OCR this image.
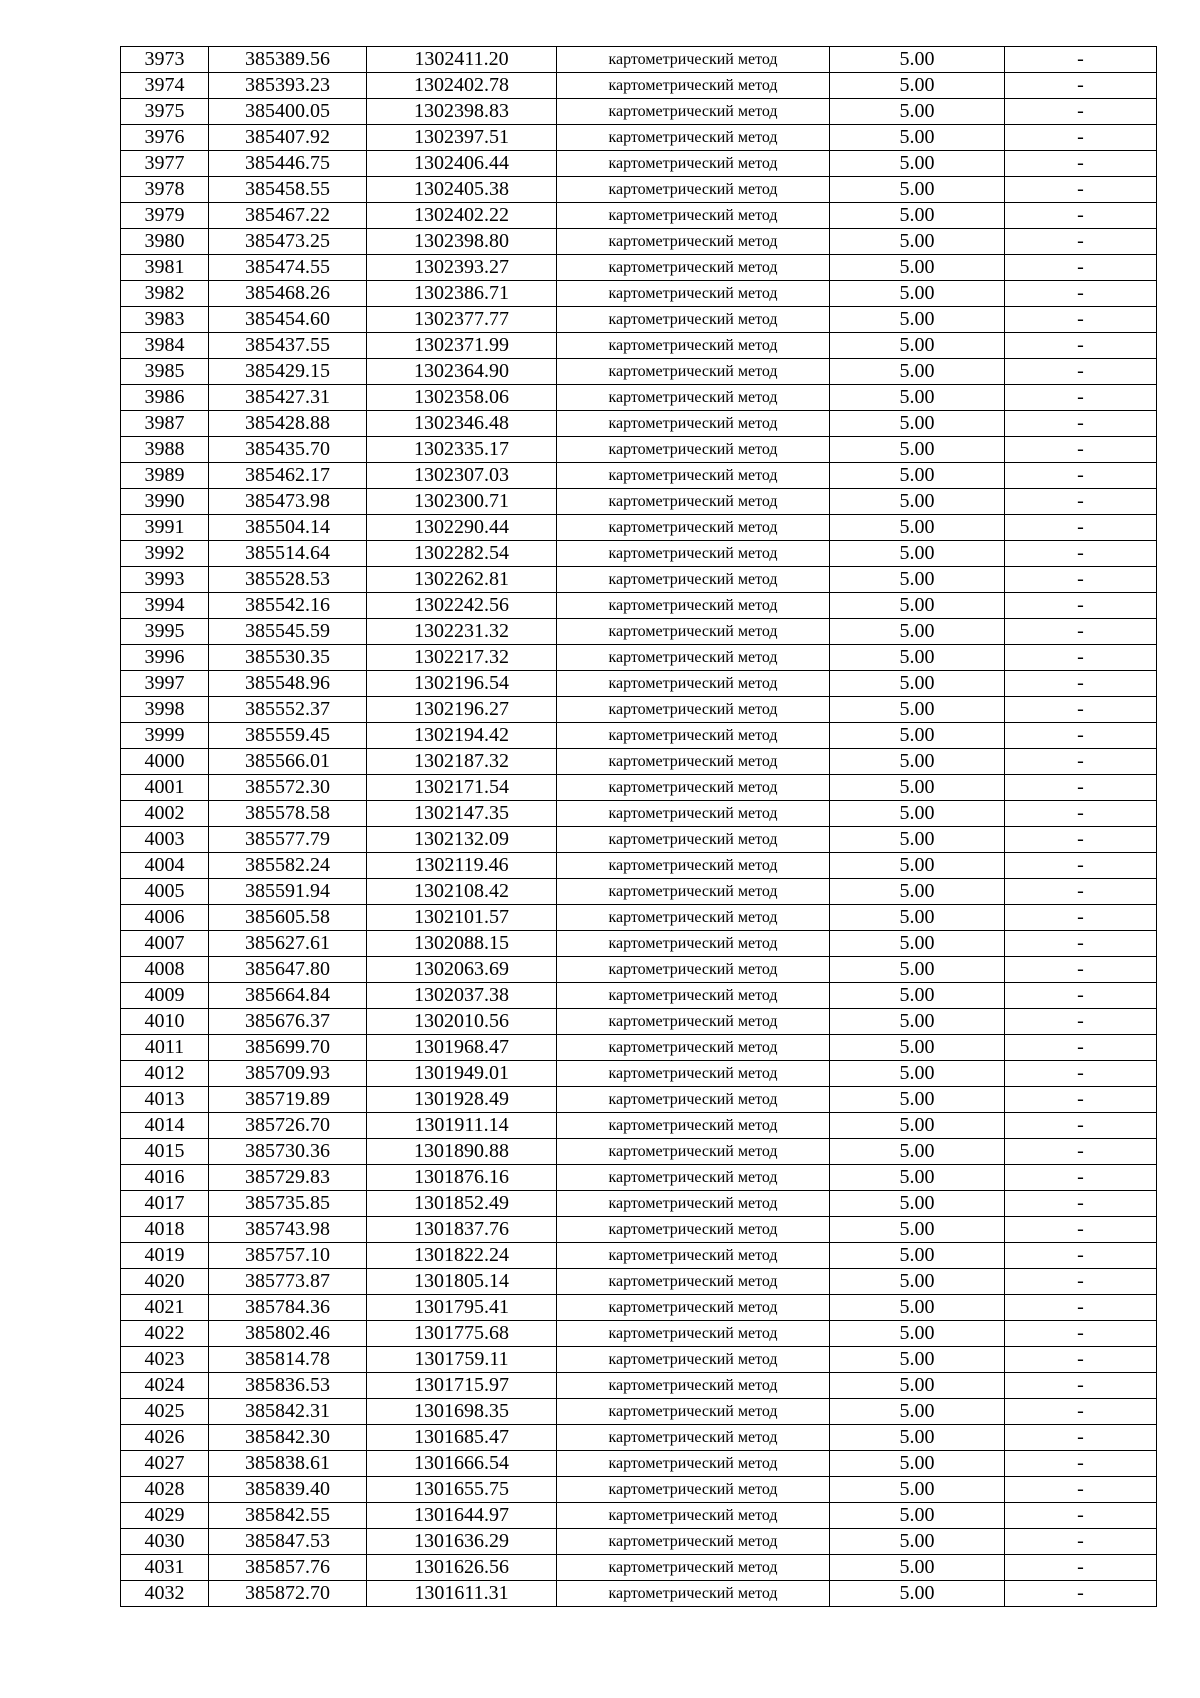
3973	385389.56	1302411.20	картометрический метод	5.00	-
3974	385393.23	1302402.78	картометрический метод	5.00	-
3975	385400.05	1302398.83	картометрический метод	5.00	-
3976	385407.92	1302397.51	картометрический метод	5.00	-
3977	385446.75	1302406.44	картометрический метод	5.00	-
3978	385458.55	1302405.38	картометрический метод	5.00	-
3979	385467.22	1302402.22	картометрический метод	5.00	-
3980	385473.25	1302398.80	картометрический метод	5.00	-
3981	385474.55	1302393.27	картометрический метод	5.00	-
3982	385468.26	1302386.71	картометрический метод	5.00	-
3983	385454.60	1302377.77	картометрический метод	5.00	-
3984	385437.55	1302371.99	картометрический метод	5.00	-
3985	385429.15	1302364.90	картометрический метод	5.00	-
3986	385427.31	1302358.06	картометрический метод	5.00	-
3987	385428.88	1302346.48	картометрический метод	5.00	-
3988	385435.70	1302335.17	картометрический метод	5.00	-
3989	385462.17	1302307.03	картометрический метод	5.00	-
3990	385473.98	1302300.71	картометрический метод	5.00	-
3991	385504.14	1302290.44	картометрический метод	5.00	-
3992	385514.64	1302282.54	картометрический метод	5.00	-
3993	385528.53	1302262.81	картометрический метод	5.00	-
3994	385542.16	1302242.56	картометрический метод	5.00	-
3995	385545.59	1302231.32	картометрический метод	5.00	-
3996	385530.35	1302217.32	картометрический метод	5.00	-
3997	385548.96	1302196.54	картометрический метод	5.00	-
3998	385552.37	1302196.27	картометрический метод	5.00	-
3999	385559.45	1302194.42	картометрический метод	5.00	-
4000	385566.01	1302187.32	картометрический метод	5.00	-
4001	385572.30	1302171.54	картометрический метод	5.00	-
4002	385578.58	1302147.35	картометрический метод	5.00	-
4003	385577.79	1302132.09	картометрический метод	5.00	-
4004	385582.24	1302119.46	картометрический метод	5.00	-
4005	385591.94	1302108.42	картометрический метод	5.00	-
4006	385605.58	1302101.57	картометрический метод	5.00	-
4007	385627.61	1302088.15	картометрический метод	5.00	-
4008	385647.80	1302063.69	картометрический метод	5.00	-
4009	385664.84	1302037.38	картометрический метод	5.00	-
4010	385676.37	1302010.56	картометрический метод	5.00	-
4011	385699.70	1301968.47	картометрический метод	5.00	-
4012	385709.93	1301949.01	картометрический метод	5.00	-
4013	385719.89	1301928.49	картометрический метод	5.00	-
4014	385726.70	1301911.14	картометрический метод	5.00	-
4015	385730.36	1301890.88	картометрический метод	5.00	-
4016	385729.83	1301876.16	картометрический метод	5.00	-
4017	385735.85	1301852.49	картометрический метод	5.00	-
4018	385743.98	1301837.76	картометрический метод	5.00	-
4019	385757.10	1301822.24	картометрический метод	5.00	-
4020	385773.87	1301805.14	картометрический метод	5.00	-
4021	385784.36	1301795.41	картометрический метод	5.00	-
4022	385802.46	1301775.68	картометрический метод	5.00	-
4023	385814.78	1301759.11	картометрический метод	5.00	-
4024	385836.53	1301715.97	картометрический метод	5.00	-
4025	385842.31	1301698.35	картометрический метод	5.00	-
4026	385842.30	1301685.47	картометрический метод	5.00	-
4027	385838.61	1301666.54	картометрический метод	5.00	-
4028	385839.40	1301655.75	картометрический метод	5.00	-
4029	385842.55	1301644.97	картометрический метод	5.00	-
4030	385847.53	1301636.29	картометрический метод	5.00	-
4031	385857.76	1301626.56	картометрический метод	5.00	-
4032	385872.70	1301611.31	картометрический метод	5.00	-
